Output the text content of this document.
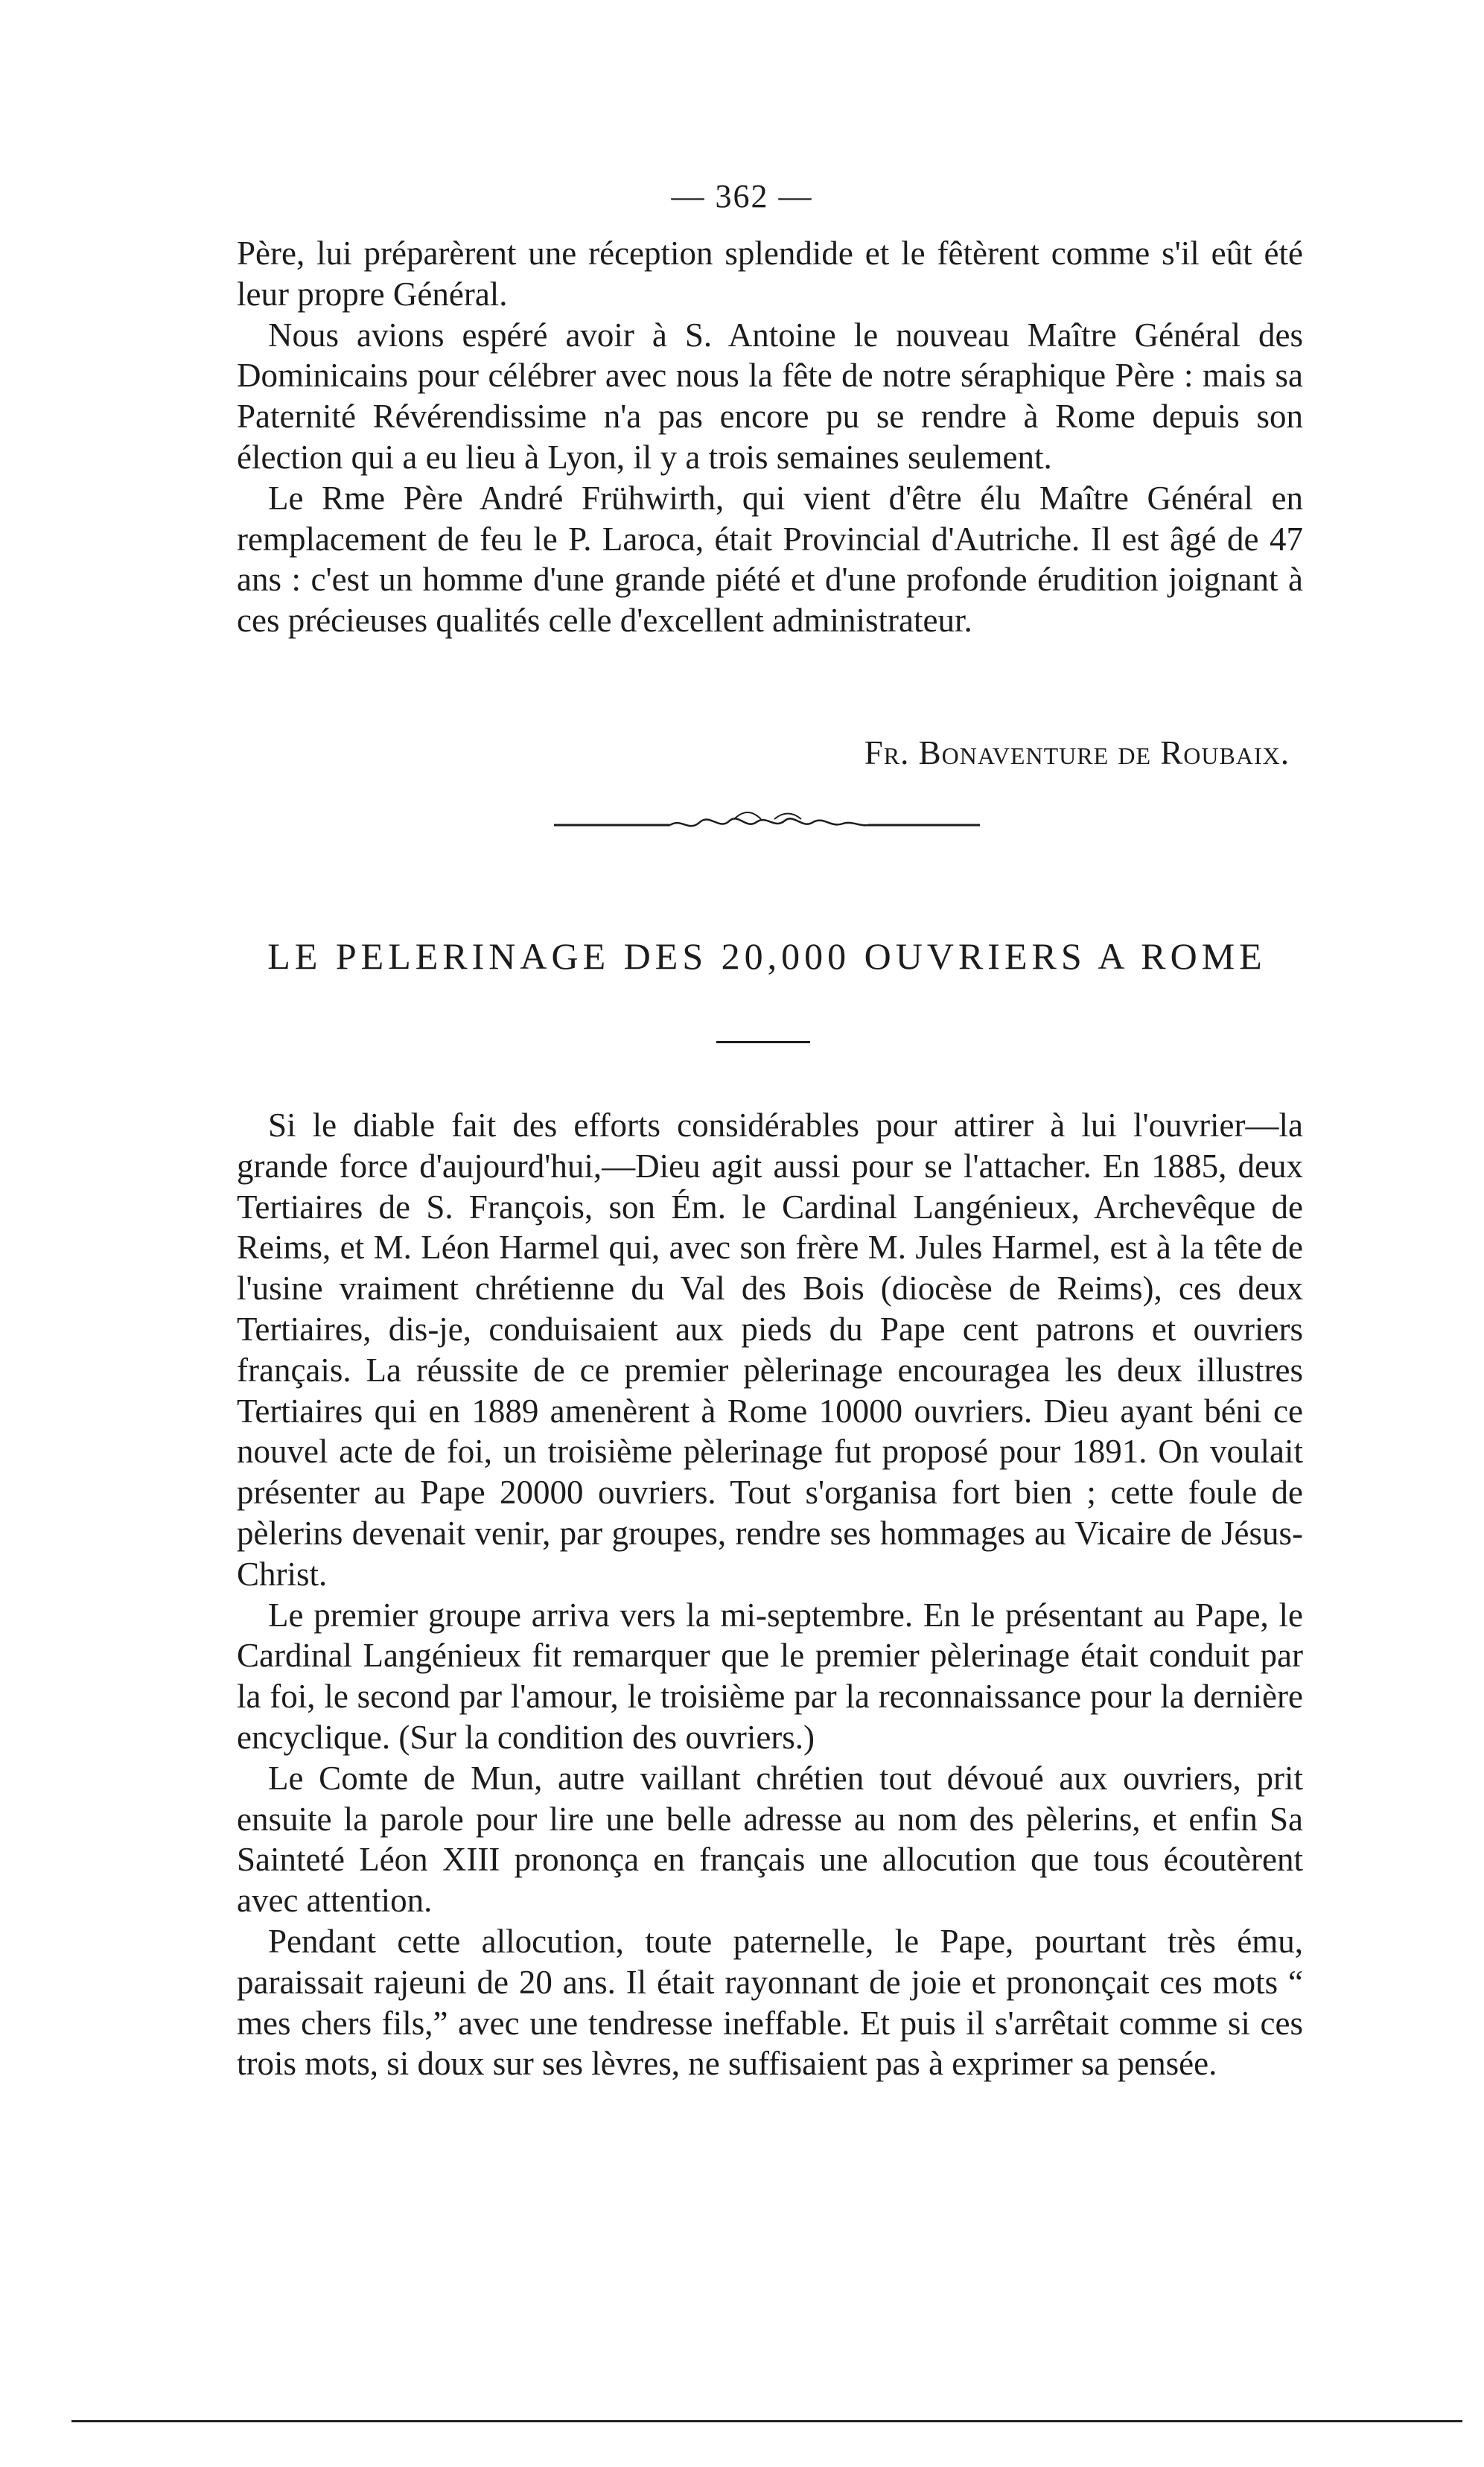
— 362 —

Père, lui préparèrent une réception splendide et le fêtèrent comme s'il eût été leur propre Général.

Nous avions espéré avoir à S. Antoine le nouveau Maître Général des Dominicains pour célébrer avec nous la fête de notre séraphique Père : mais sa Paternité Révérendissime n'a pas encore pu se rendre à Rome depuis son élection qui a eu lieu à Lyon, il y a trois semaines seulement.

Le Rme Père André Frühwirth, qui vient d'être élu Maître Général en remplacement de feu le P. Laroca, était Provincial d'Autriche. Il est âgé de 47 ans : c'est un homme d'une grande piété et d'une profonde érudition joignant à ces précieuses qualités celle d'excellent administrateur.

Fr. Bonaventure de Roubaix.
LE PELERINAGE DES 20,000 OUVRIERS A ROME

Si le diable fait des efforts considérables pour attirer à lui l'ouvrier—la grande force d'aujourd'hui,—Dieu agit aussi pour se l'attacher. En 1885, deux Tertiaires de S. François, son Ém. le Cardinal Langénieux, Archevêque de Reims, et M. Léon Harmel qui, avec son frère M. Jules Harmel, est à la tête de l'usine vraiment chrétienne du Val des Bois (diocèse de Reims), ces deux Tertiaires, dis-je, conduisaient aux pieds du Pape cent patrons et ouvriers français. La réussite de ce premier pèlerinage encouragea les deux illustres Tertiaires qui en 1889 amenèrent à Rome 10000 ouvriers. Dieu ayant béni ce nouvel acte de foi, un troisième pèlerinage fut proposé pour 1891. On voulait présenter au Pape 20000 ouvriers. Tout s'organisa fort bien ; cette foule de pèlerins devenait venir, par groupes, rendre ses hommages au Vicaire de Jésus-Christ.

Le premier groupe arriva vers la mi-septembre. En le présentant au Pape, le Cardinal Langénieux fit remarquer que le premier pèlerinage était conduit par la foi, le second par l'amour, le troisième par la reconnaissance pour la dernière encyclique. (Sur la condition des ouvriers.)

Le Comte de Mun, autre vaillant chrétien tout dévoué aux ouvriers, prit ensuite la parole pour lire une belle adresse au nom des pèlerins, et enfin Sa Sainteté Léon XIII prononça en français une allocution que tous écoutèrent avec attention.

Pendant cette allocution, toute paternelle, le Pape, pourtant très ému, paraissait rajeuni de 20 ans. Il était rayonnant de joie et prononçait ces mots “ mes chers fils,” avec une tendresse ineffable. Et puis il s'arrêtait comme si ces trois mots, si doux sur ses lèvres, ne suffisaient pas à exprimer sa pensée.
